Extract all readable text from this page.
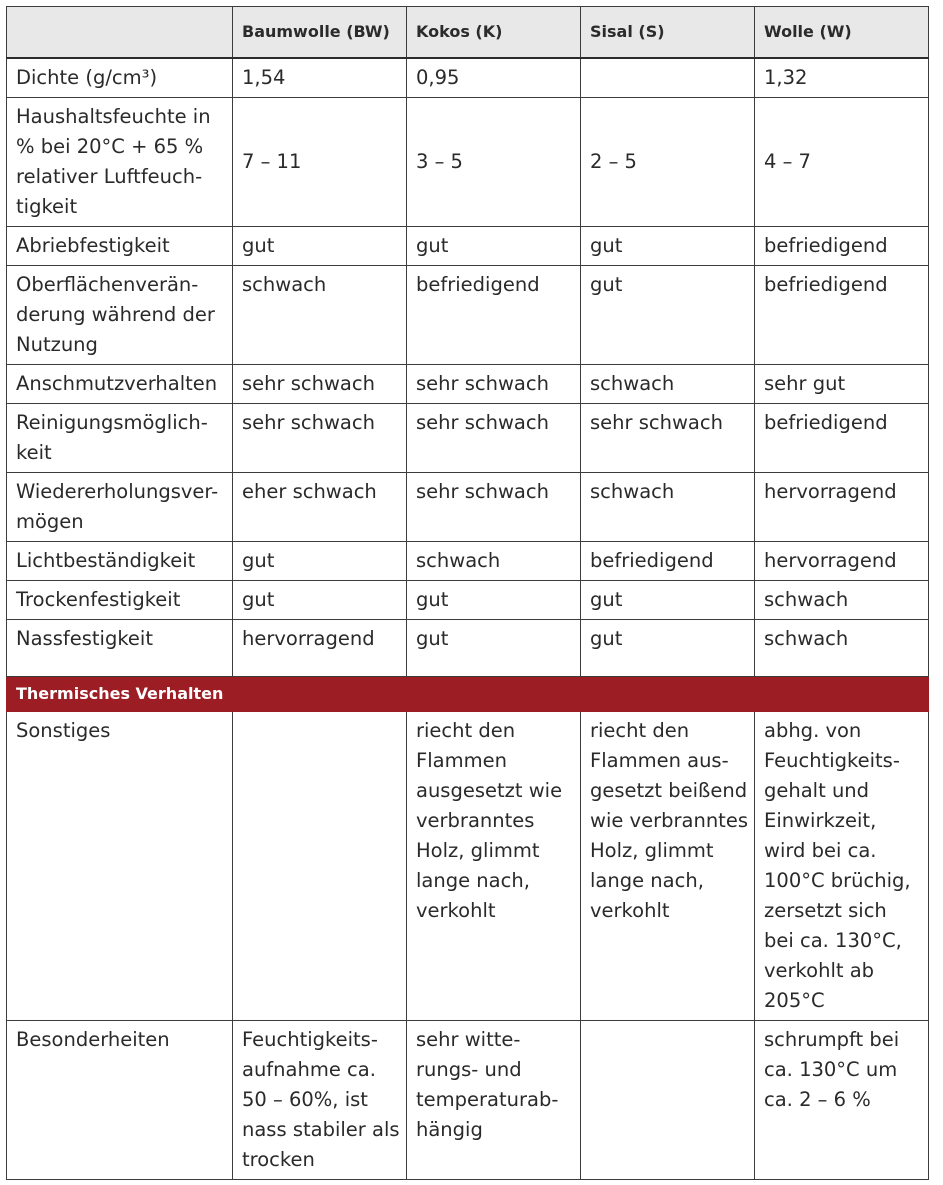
	Baumwolle (BW)	Kokos (K)	Sisal (S)	Wolle (W)
Dichte (g/cm³)	1,54	0,95		1,32
Haushaltsfeuchte in % bei 20°C + 65 % relativer Luftfeuch-tigkeit	7 – 11	3 – 5	2 – 5	4 – 7
Abriebfestigkeit	gut	gut	gut	befriedigend
Oberflächenverän-derung während der Nutzung	schwach	befriedigend	gut	befriedigend
Anschmutzverhalten	sehr schwach	sehr schwach	schwach	sehr gut
Reinigungsmöglich-keit	sehr schwach	sehr schwach	sehr schwach	befriedigend
Wiedererholungsver-mögen	eher schwach	sehr schwach	schwach	hervorragend
Lichtbeständigkeit	gut	schwach	befriedigend	hervorragend
Trockenfestigkeit	gut	gut	gut	schwach
Nassfestigkeit	hervorragend	gut	gut	schwach
Thermisches Verhalten				
Sonstiges		riecht den Flammen ausgesetzt wie verbranntes Holz, glimmt lange nach, verkohlt	riecht den Flammen aus-gesetzt beißend wie verbranntes Holz, glimmt lange nach, verkohlt	abhg. von Feuchtigkeits-gehalt und Einwirkzeit, wird bei ca. 100°C brüchig, zersetzt sich bei ca. 130°C, verkohlt ab 205°C
Besonderheiten	Feuchtigkeits-aufnahme ca. 50 – 60%, ist nass stabiler als trocken	sehr witte-rungs- und temperaturab-hängig		schrumpft bei ca. 130°C um ca. 2 – 6 %
